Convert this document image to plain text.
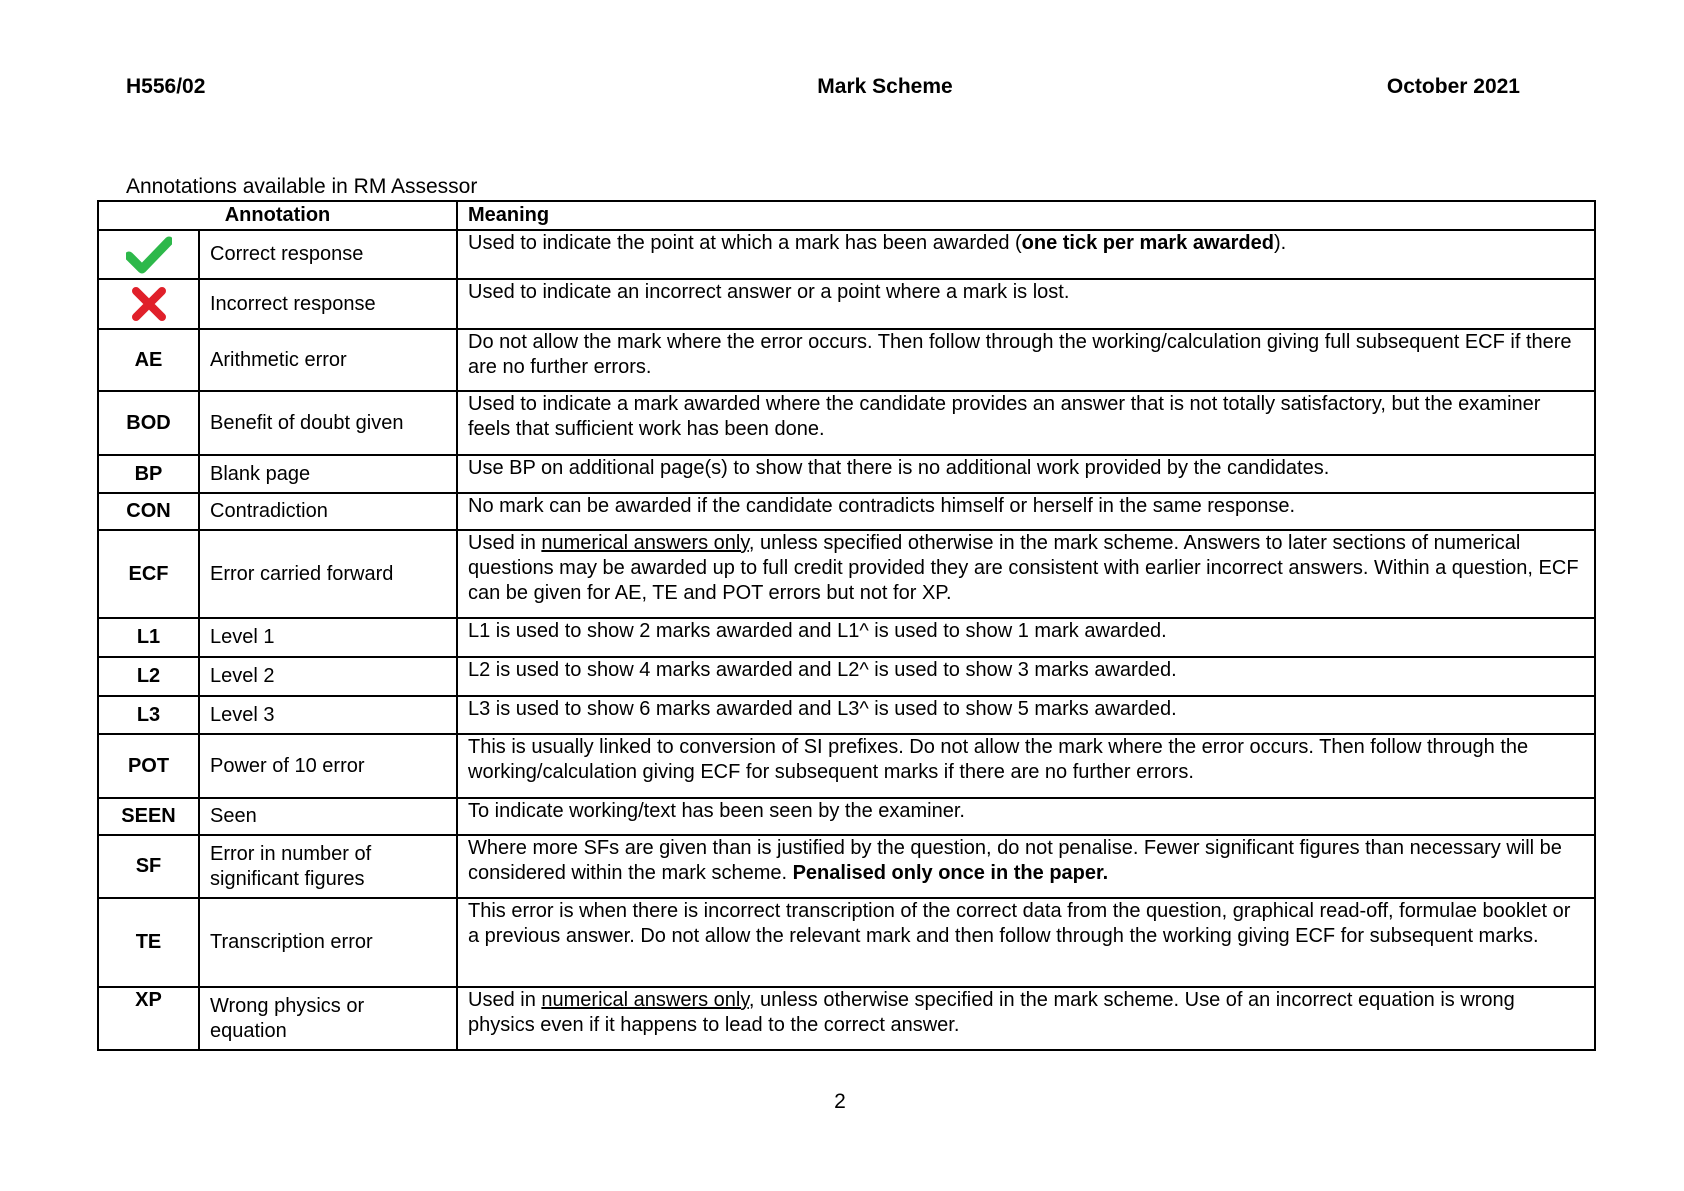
H556/02	Mark Scheme	October 2021
Annotations available in RM Assessor
Annotation		Meaning

	Correct response	Used to indicate the point at which a mark has been awarded (one tick per mark awarded).

	Incorrect response	Used to indicate an incorrect answer or a point where a mark is lost.
AE	Arithmetic error	Do not allow the mark where the error occurs. Then follow through the working/calculation giving full subsequent ECF if there are no further errors.
BOD	Benefit of doubt given	Used to indicate a mark awarded where the candidate provides an answer that is not totally satisfactory, but the examiner feels that sufficient work has been done.
BP	Blank page	Use BP on additional page(s) to show that there is no additional work provided by the candidates.
CON	Contradiction	No mark can be awarded if the candidate contradicts himself or herself in the same response.
ECF	Error carried forward	Used in numerical answers only, unless specified otherwise in the mark scheme. Answers to later sections of numerical questions may be awarded up to full credit provided they are consistent with earlier incorrect answers. Within a question, ECF can be given for AE, TE and POT errors but not for XP.
L1	Level 1	L1 is used to show 2 marks awarded and L1^ is used to show 1 mark awarded.
L2	Level 2	L2 is used to show 4 marks awarded and L2^ is used to show 3 marks awarded.
L3	Level 3	L3 is used to show 6 marks awarded and L3^ is used to show 5 marks awarded.
POT	Power of 10 error	This is usually linked to conversion of SI prefixes. Do not allow the mark where the error occurs. Then follow through the working/calculation giving ECF for subsequent marks if there are no further errors.
SEEN	Seen	To indicate working/text has been seen by the examiner.
SF	Error in number of significant figures	Where more SFs are given than is justified by the question, do not penalise. Fewer significant figures than necessary will be considered within the mark scheme. Penalised only once in the paper.
TE	Transcription error	This error is when there is incorrect transcription of the correct data from the question, graphical read-off, formulae booklet or a previous answer. Do not allow the relevant mark and then follow through the working giving ECF for subsequent marks.
XP	Wrong physics or equation	Used in numerical answers only, unless otherwise specified in the mark scheme. Use of an incorrect equation is wrong physics even if it happens to lead to the correct answer.
2
